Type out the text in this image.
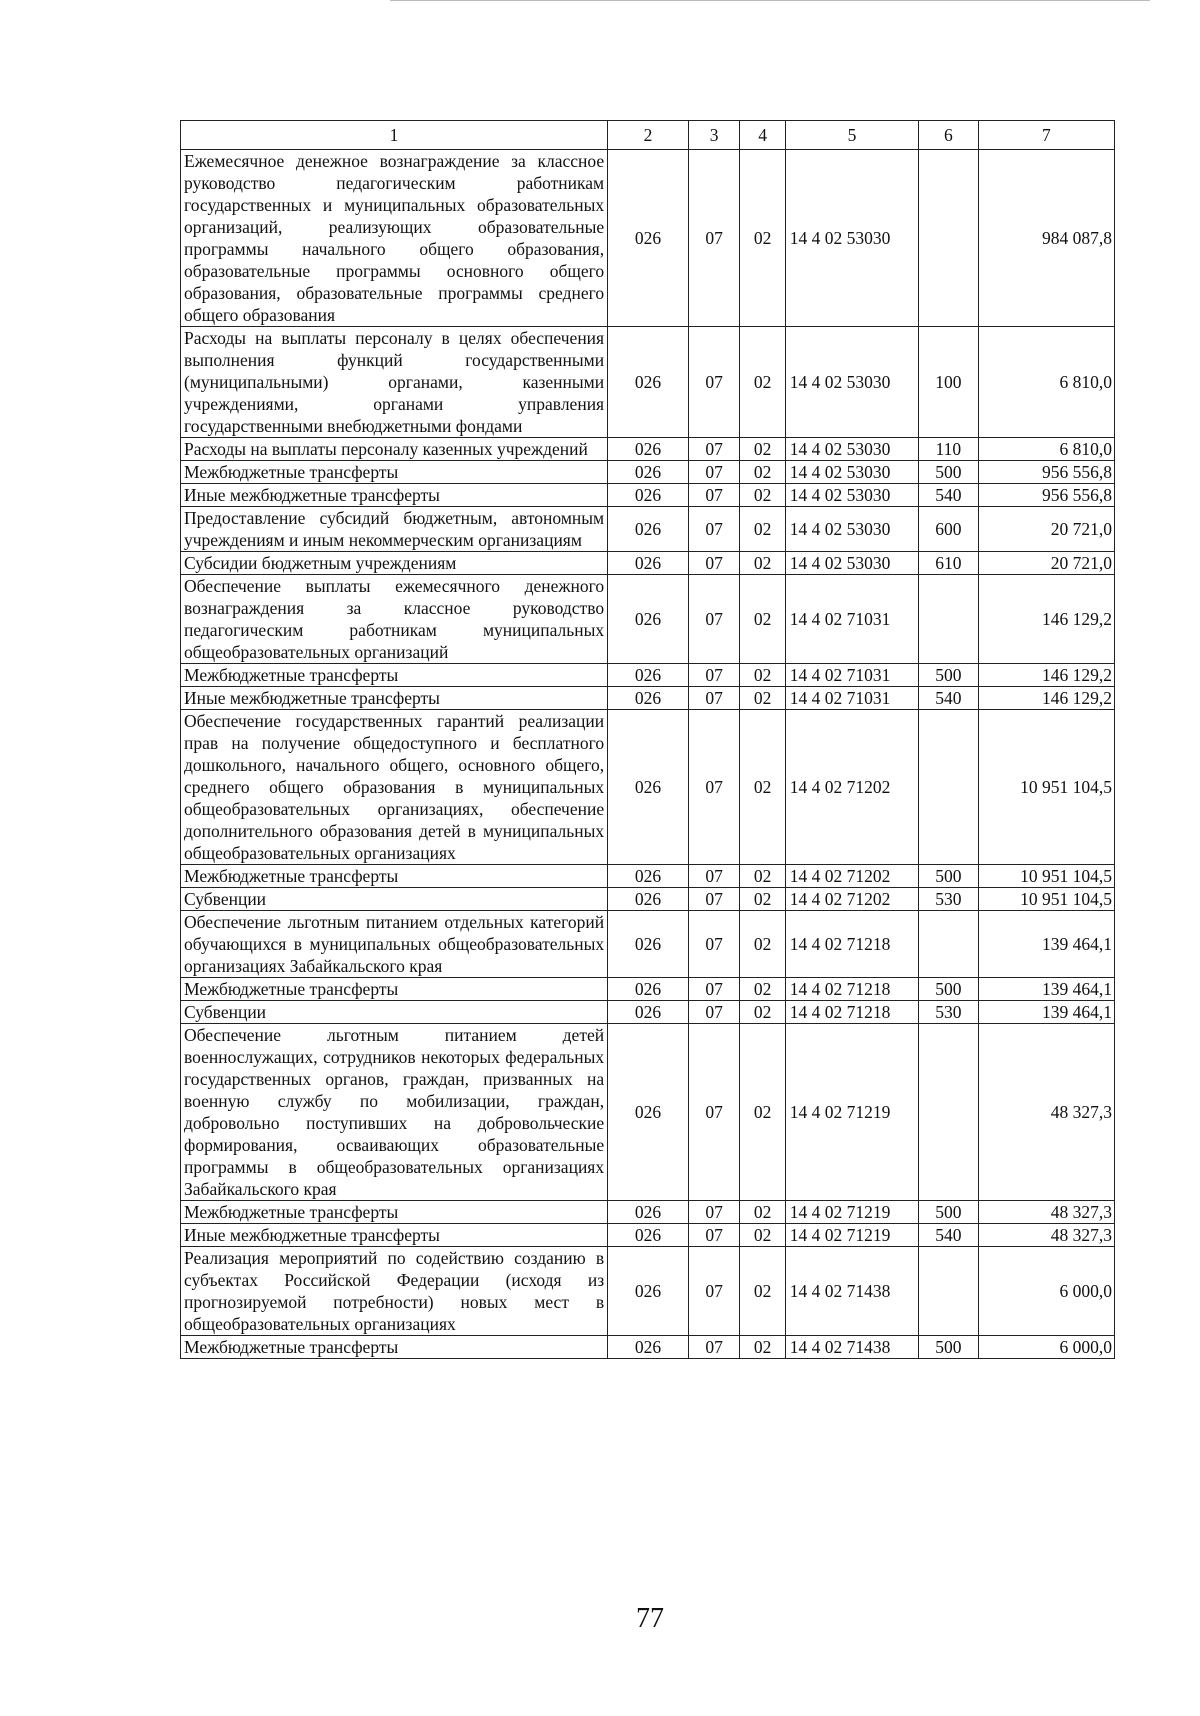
1	2	3	4	5	6	7
Ежемесячное денежное вознаграждение за классное руководство педагогическим работникам государственных и муниципальных образовательных организаций, реализующих образовательные программы начального общего образования, образовательные программы основного общего образования, образовательные программы среднего общего образования	026	07	02	14 4 02 53030		984 087,8
Расходы на выплаты персоналу в целях обеспечения выполнения функций государственными (муниципальными) органами, казенными учреждениями, органами управления государственными внебюджетными фондами	026	07	02	14 4 02 53030	100	6 810,0
Расходы на выплаты персоналу казенных учреждений	026	07	02	14 4 02 53030	110	6 810,0
Межбюджетные трансферты	026	07	02	14 4 02 53030	500	956 556,8
Иные межбюджетные трансферты	026	07	02	14 4 02 53030	540	956 556,8
Предоставление субсидий бюджетным, автономным учреждениям и иным некоммерческим организациям	026	07	02	14 4 02 53030	600	20 721,0
Субсидии бюджетным учреждениям	026	07	02	14 4 02 53030	610	20 721,0
Обеспечение выплаты ежемесячного денежного вознаграждения за классное руководство педагогическим работникам муниципальных общеобразовательных организаций	026	07	02	14 4 02 71031		146 129,2
Межбюджетные трансферты	026	07	02	14 4 02 71031	500	146 129,2
Иные межбюджетные трансферты	026	07	02	14 4 02 71031	540	146 129,2
Обеспечение государственных гарантий реализации прав на получение общедоступного и бесплатного дошкольного, начального общего, основного общего, среднего общего образования в муниципальных общеобразовательных организациях, обеспечение дополнительного образования детей в муниципальных общеобразовательных организациях	026	07	02	14 4 02 71202		10 951 104,5
Межбюджетные трансферты	026	07	02	14 4 02 71202	500	10 951 104,5
Субвенции	026	07	02	14 4 02 71202	530	10 951 104,5
Обеспечение льготным питанием отдельных категорий обучающихся в муниципальных общеобразовательных организациях Забайкальского края	026	07	02	14 4 02 71218		139 464,1
Межбюджетные трансферты	026	07	02	14 4 02 71218	500	139 464,1
Субвенции	026	07	02	14 4 02 71218	530	139 464,1
Обеспечение льготным питанием детей военнослужащих, сотрудников некоторых федеральных государственных органов, граждан, призванных на военную службу по мобилизации, граждан, добровольно поступивших на добровольческие формирования, осваивающих образовательные программы в общеобразовательных организациях Забайкальского края	026	07	02	14 4 02 71219		48 327,3
Межбюджетные трансферты	026	07	02	14 4 02 71219	500	48 327,3
Иные межбюджетные трансферты	026	07	02	14 4 02 71219	540	48 327,3
Реализация мероприятий по содействию созданию в субъектах Российской Федерации (исходя из прогнозируемой потребности) новых мест в общеобразовательных организациях	026	07	02	14 4 02 71438		6 000,0
Межбюджетные трансферты	026	07	02	14 4 02 71438	500	6 000,0
77
